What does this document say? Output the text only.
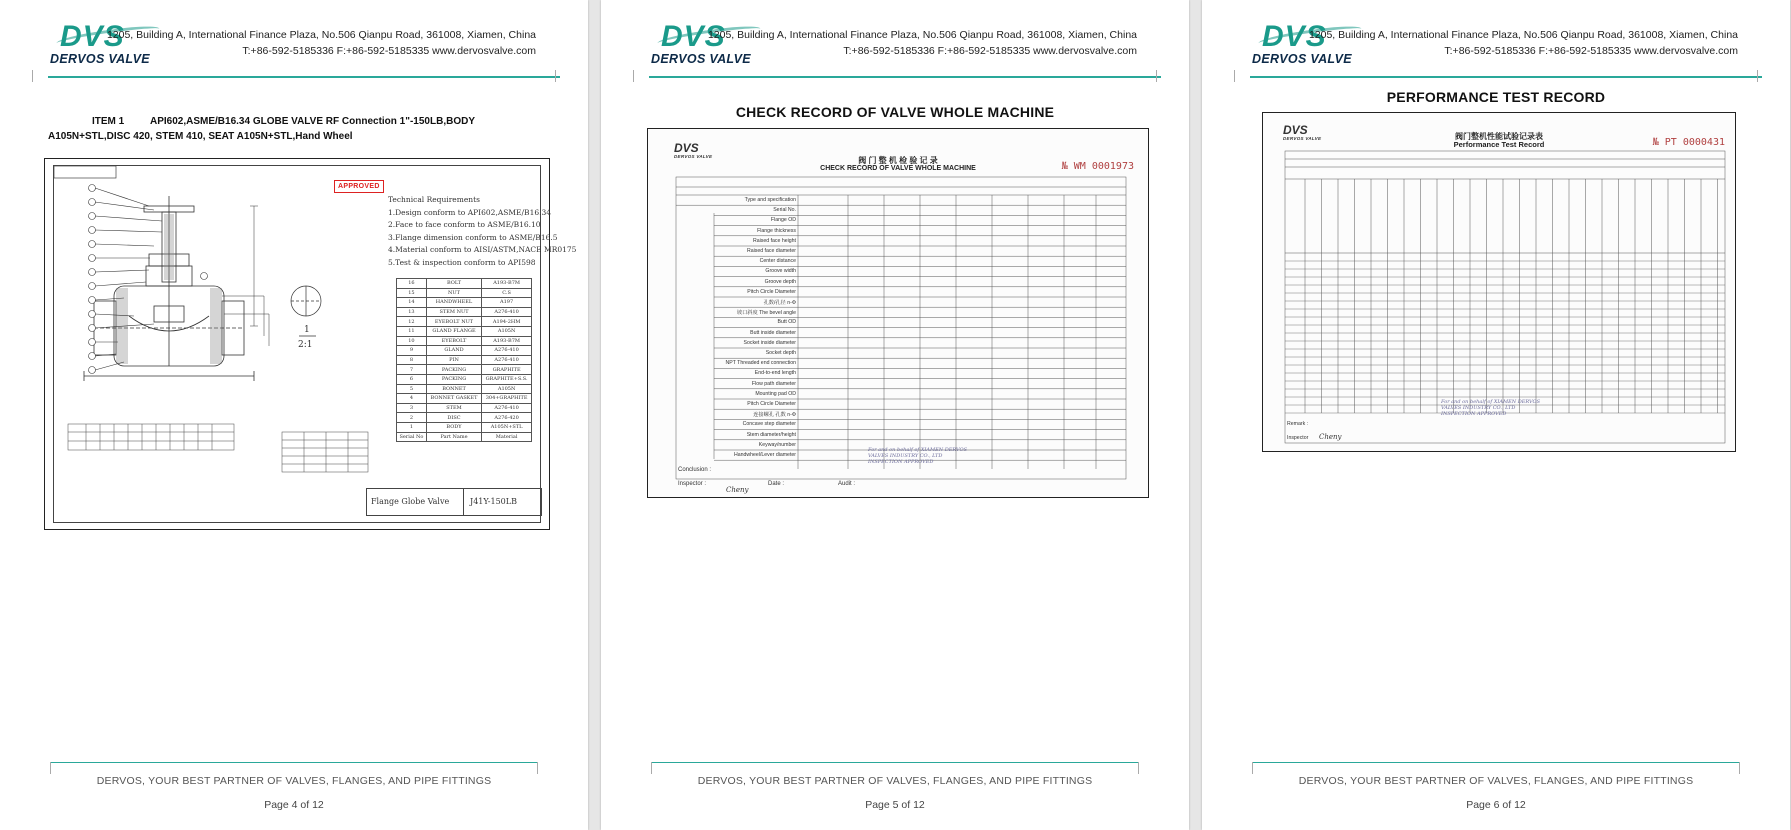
DVS
DERVOS VALVE
1205, Building A, International Finance Plaza, No.506 Qianpu Road, 361008, Xiamen, China
T:+86-592-5185336 F:+86-592-5185335 www.dervosvalve.com
ITEM 1	API602,ASME/B16.34 GLOBE VALVE RF Connection 1"-150LB,BODY
A105N+STL,DISC 420, STEM 410, SEAT A105N+STL,Hand Wheel
1
2:1
APPROVED
Technical Requirements
1.Design conform to API602,ASME/B16.34
2.Face to face conform to ASME/B16.10
3.Flange dimension conform to ASME/B16.5
4.Material conform to AISI/ASTM,NACE MR0175
5.Test & inspection conform to API598
16	BOLT	A193-B7M
15	NUT	C.S
14	HANDWHEEL	A197
13	STEM NUT	A276-410
12	EYEBOLT NUT	A194-2HM
11	GLAND FLANGE	A105N
10	EYEBOLT	A193-B7M
9	GLAND	A276-410
8	PIN	A276-410
7	PACKING	GRAPHITE
6	PACKING	GRAPHITE+S.S.
5	BONNET	A105N
4	BONNET GASKET	304+GRAPHITE
3	STEM	A276-410
2	DISC	A276-420
1	BODY	A105N+STL
Serial No	Part Name	Material
Flange Globe Valve	J41Y-150LB
DERVOS, YOUR BEST PARTNER OF VALVES, FLANGES, AND PIPE FITTINGS
Page 4 of 12
DVS
DERVOS VALVE
1205, Building A, International Finance Plaza, No.506 Qianpu Road, 361008, Xiamen, China
T:+86-592-5185336 F:+86-592-5185335 www.dervosvalve.com
CHECK RECORD OF VALVE WHOLE MACHINE
DVS
DERVOS VALVE	阀 门 整 机 检 验 记 录
CHECK RECORD OF VALVE WHOLE MACHINE	№ WM 0001973
Type and specification
Serial No.
Flange OD
Flange thickness
Raised face height
Raised face diameter
Center distance
Groove width
Groove depth
Pitch Circle Diameter
孔数/孔径 n-Φ
坡口斜度 The bevel angle
Butt OD
Butt inside diameter
Socket inside diameter
Socket depth
NPT Threaded end connection
End-to-end length
Flow path diameter
Mounting pad OD
Pitch Circle Diameter
连接螺孔 孔数 n-Φ
Concave step diameter
Stem diameter/height
Keyway/number
Handwheel/Lever diameter
Conclusion :
Inspector :	Date :	Audit :
Cheny
For and on behalf of XIAMEN DERVOS VALVES INDUSTRY CO., LTD INSPECTION APPROVED
DERVOS, YOUR BEST PARTNER OF VALVES, FLANGES, AND PIPE FITTINGS
Page 5 of 12
DVS
DERVOS VALVE
1205, Building A, International Finance Plaza, No.506 Qianpu Road, 361008, Xiamen, China
T:+86-592-5185336 F:+86-592-5185335 www.dervosvalve.com
PERFORMANCE TEST RECORD
DVS
DERVOS VALVE	阀门整机性能试验记录表
Performance Test Record	№ PT 0000431
Remark :
Inspector Cheny
For and on behalf of XIAMEN DERVOS VALVES INDUSTRY CO., LTD INSPECTION APPROVED
DERVOS, YOUR BEST PARTNER OF VALVES, FLANGES, AND PIPE FITTINGS
Page 6 of 12
